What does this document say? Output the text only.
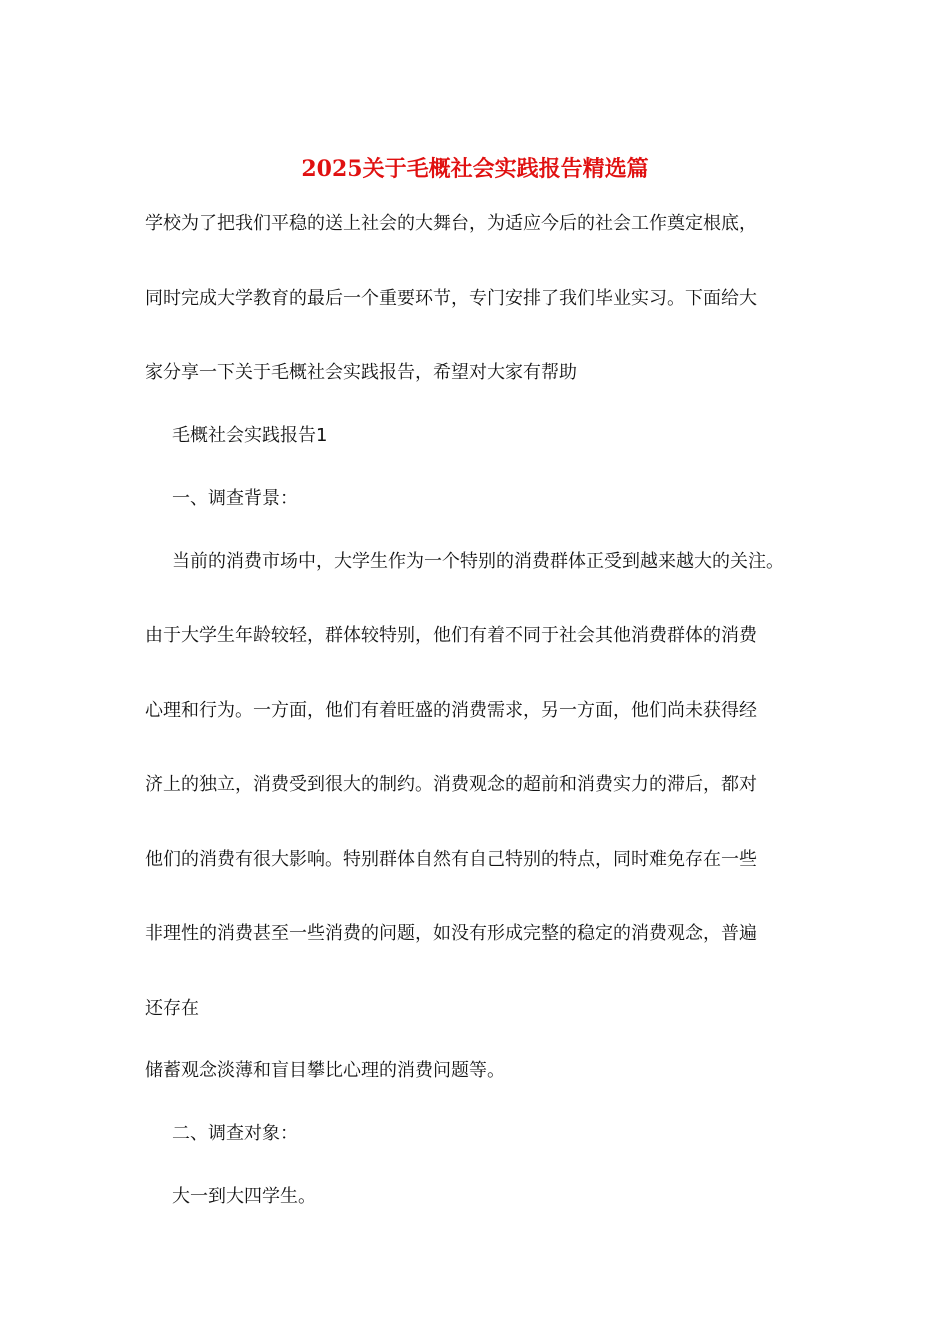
2025关于毛概社会实践报告精选篇
学校为了把我们平稳的送上社会的大舞台，为适应今后的社会工作奠定根底，
同时完成大学教育的最后一个重要环节，专门安排了我们毕业实习。下面给大
家分享一下关于毛概社会实践报告，希望对大家有帮助
毛概社会实践报告1
一、调查背景：
当前的消费市场中，大学生作为一个特别的消费群体正受到越来越大的关注。
由于大学生年龄较轻，群体较特别，他们有着不同于社会其他消费群体的消费
心理和行为。一方面，他们有着旺盛的消费需求，另一方面，他们尚未获得经
济上的独立，消费受到很大的制约。消费观念的超前和消费实力的滞后，都对
他们的消费有很大影响。特别群体自然有自己特别的特点，同时难免存在一些
非理性的消费甚至一些消费的问题，如没有形成完整的稳定的消费观念，普遍
还存在
储蓄观念淡薄和盲目攀比心理的消费问题等。
二、调查对象：
大一到大四学生。
